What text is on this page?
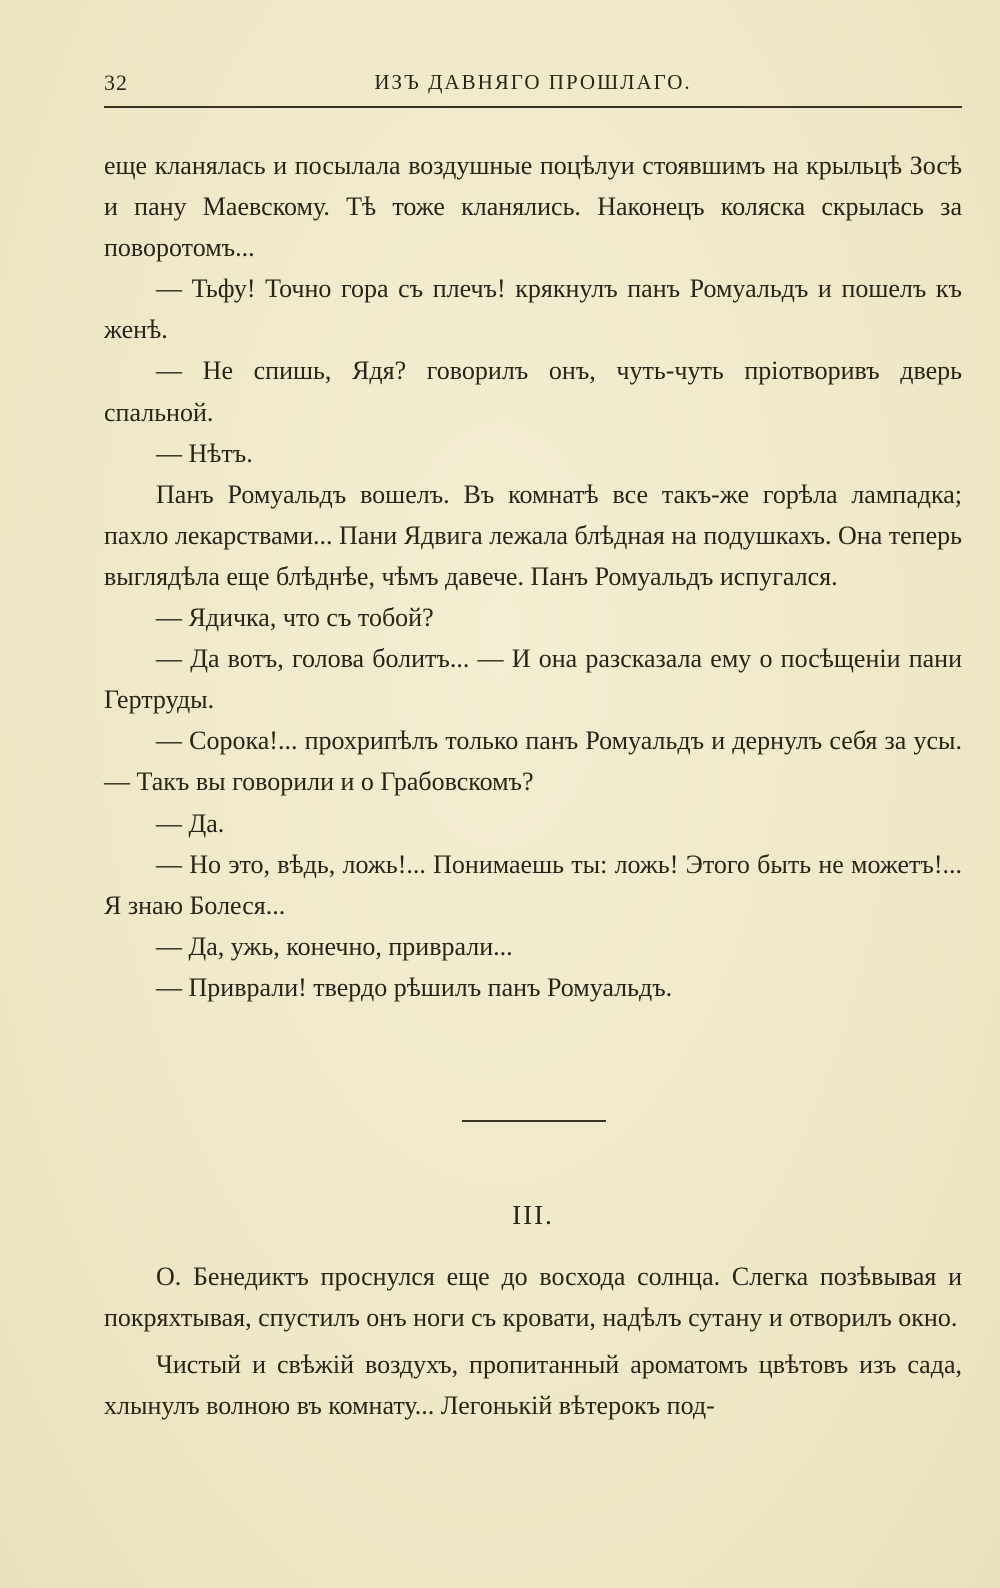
32	ИЗЪ ДАВНЯГО ПРОШЛАГО.

еще кланялась и посылала воздушные поцѣлуи стоявшимъ на крыльцѣ Зосѣ и пану Маевскому. Тѣ тоже кланялись. Наконецъ коляска скрылась за поворотомъ...

— Тьфу! Точно гора съ плечъ! крякнулъ панъ Ромуальдъ и пошелъ къ женѣ.

— Не спишь, Ядя? говорилъ онъ, чуть-чуть пріотворивъ дверь спальной.

— Нѣтъ.

Панъ Ромуальдъ вошелъ. Въ комнатѣ все такъ-же горѣла лампадка; пахло лекарствами... Пани Ядвига лежала блѣдная на подушкахъ. Она теперь выглядѣла еще блѣднѣе, чѣмъ давече. Панъ Ромуальдъ испугался.

— Ядичка, что съ тобой?

— Да вотъ, голова болитъ... — И она разсказала ему о посѣщеніи пани Гертруды.

— Сорока!... прохрипѣлъ только панъ Ромуальдъ и дернулъ себя за усы. — Такъ вы говорили и о Грабовскомъ?

— Да.

— Но это, вѣдь, ложь!... Понимаешь ты: ложь! Этого быть не можетъ!... Я знаю Болеся...

— Да, ужь, конечно, приврали...

— Приврали! твердо рѣшилъ панъ Ромуальдъ.

III.

О. Бенедиктъ проснулся еще до восхода солнца. Слегка позѣвывая и покряхтывая, спустилъ онъ ноги съ кровати, надѣлъ сутану и отворилъ окно.

Чистый и свѣжій воздухъ, пропитанный ароматомъ цвѣтовъ изъ сада, хлынулъ волною въ комнату... Легонькій вѣтерокъ под-
